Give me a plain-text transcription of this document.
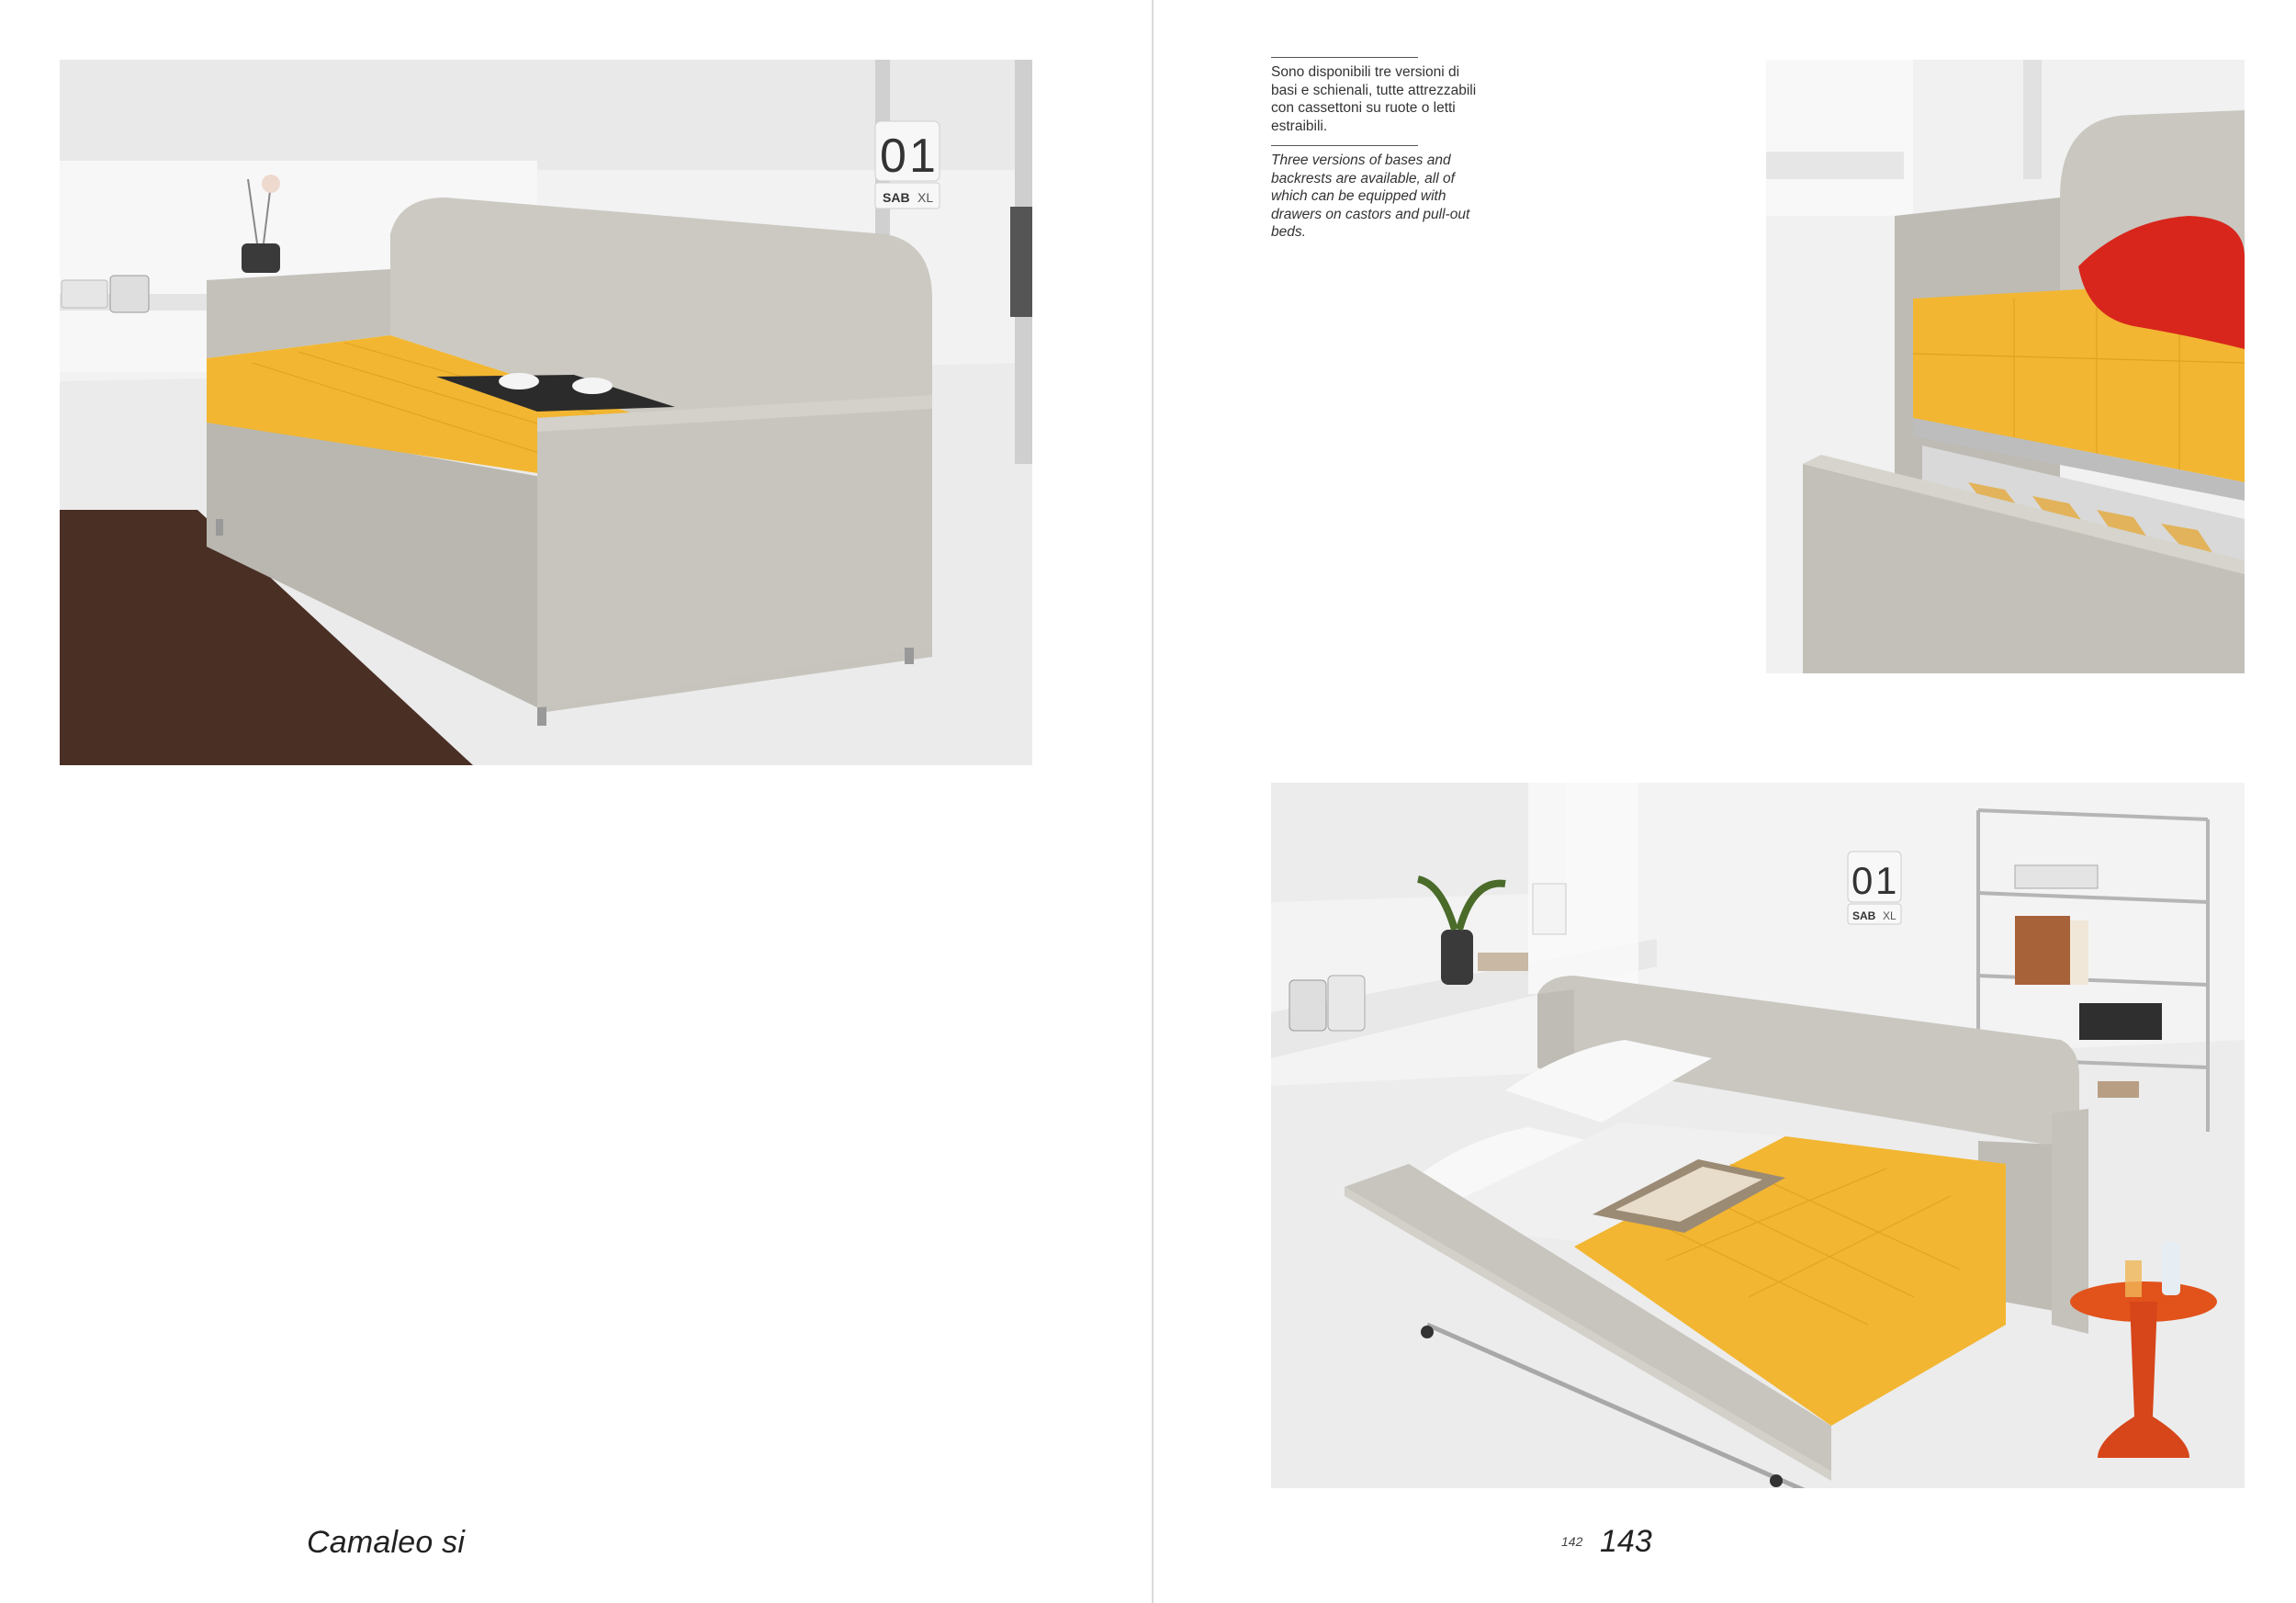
0 1
SAB XL
Sono disponibili tre versioni di basi e schienali, tutte attrezzabili con cassettoni su ruote o letti estraibili.
Three versions of bases and backrests are available, all of which can be equipped with drawers on castors and pull-out beds.
0 1
SAB XL
Camaleo si	142 143
